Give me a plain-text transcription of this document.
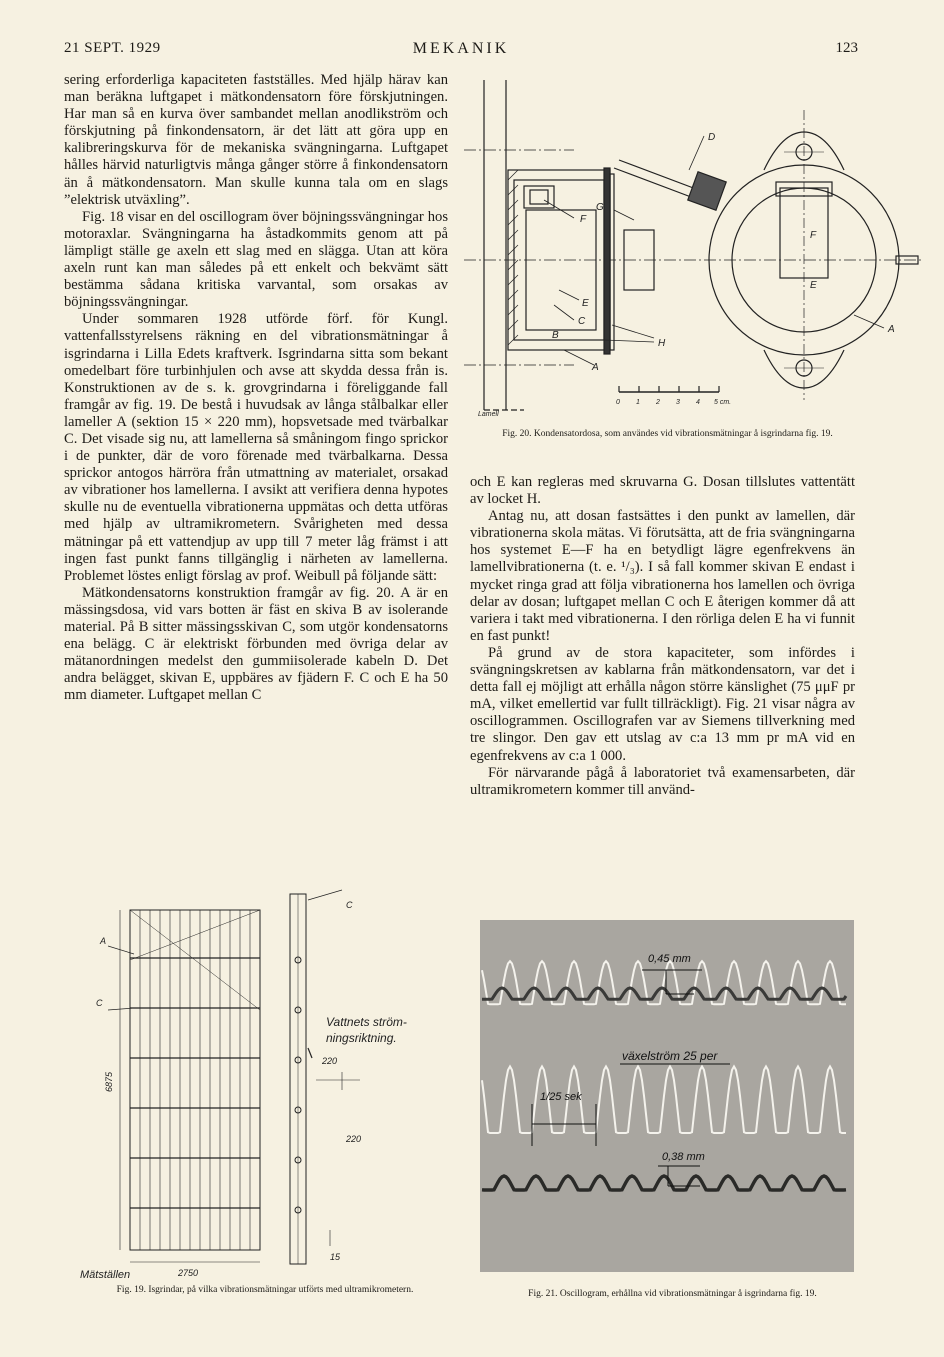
21 SEPT. 1929	MEKANIK	123

sering erforderliga kapaciteten fastställes. Med hjälp härav kan man beräkna luftgapet i mätkondensatorn före förskjutningen. Har man så en kurva över sambandet mellan anodlikström och förskjutning på finkondensatorn, är det lätt att göra upp en kalibreringskurva för de mekaniska svängningarna. Luftgapet hålles härvid naturligtvis många gånger större å finkondensatorn än å mätkondensatorn. Man skulle kunna tala om en slags ”elektrisk utväxling”.

Fig. 18 visar en del oscillogram över böjningssvängningar hos motoraxlar. Svängningarna ha åstadkommits genom att på lämpligt ställe ge axeln ett slag med en slägga. Utan att köra axeln runt kan man således på ett enkelt och bekvämt sätt bestämma sådana kritiska varvantal, som orsakas av böjningssvängningar.

Under sommaren 1928 utförde förf. för Kungl. vattenfallsstyrelsens räkning en del vibrationsmätningar å isgrindarna i Lilla Edets kraftverk. Isgrindarna sitta som bekant omedelbart före turbinhjulen och avse att skydda dessa från is. Konstruktionen av de s. k. grovgrindarna i föreliggande fall framgår av fig. 19. De bestå i huvudsak av långa stålbalkar eller lameller A (sektion 15 × 220 mm), hopsvetsade med tvärbalkar C. Det visade sig nu, att lamellerna så småningom fingo sprickor i de punkter, där de voro förenade med tvärbalkarna. Dessa sprickor antogos härröra från utmattning av materialet, orsakad av vibrationer hos lamellerna. I avsikt att verifiera denna hypotes skulle nu de eventuella vibrationerna uppmätas och detta utföras med hjälp av ultramikrometern. Svårigheten med dessa mätningar på ett vattendjup av upp till 7 meter låg främst i att ingen fast punkt fanns tillgänglig i närheten av lamellerna. Problemet löstes enligt förslag av prof. Weibull på följande sätt:

Mätkondensatorns konstruktion framgår av fig. 20. A är en mässingsdosa, vid vars botten är fäst en skiva B av isolerande material. På B sitter mässingsskivan C, som utgör kondensatorns ena belägg. C är elektriskt förbunden med övriga delar av mätanordningen medelst den gummiisolerade kabeln D. Det andra belägget, skivan E, uppbäres av fjädern F. C och E ha 50 mm diameter. Luftgapet mellan C

D
G
F
E
C
B
H
A
A
F
E
Lamell
0 1 2 3 4 5 cm.
Fig. 20. Kondensatordosa, som användes vid vibrationsmätningar å isgrindarna fig. 19.

och E kan regleras med skruvarna G. Dosan tillslutes vattentätt av locket H.

Antag nu, att dosan fastsättes i den punkt av lamellen, där vibrationerna skola mätas. Vi förutsätta, att de fria svängningarna hos systemet E—F ha en betydligt lägre egenfrekvens än lamellvibrationerna (t. e. ¹/₃). I så fall kommer skivan E endast i mycket ringa grad att följa vibrationerna hos lamellen och övriga delar av dosan; luftgapet mellan C och E återigen kommer då att variera i takt med vibrationerna. I den rörliga delen E ha vi funnit en fast punkt!

På grund av de stora kapaciteter, som infördes i svängningskretsen av kablarna från mätkondensatorn, var det i detta fall ej möjligt att erhålla någon större känslighet (75 μμF pr mA, vilket emellertid var fullt tillräckligt). Fig. 21 visar några av oscillogrammen. Oscillografen var av Siemens tillverkning med tre slingor. Den gav ett utslag av c:a 13 mm pr mA vid en egenfrekvens av c:a 1 000.

För närvarande pågå å laboratoriet två examensarbeten, där ultramikrometern kommer till använd-

A
C
C
6875
2750
220
220
15
Vattnets ström-
ningsriktning.
Mätställen
Fig. 19. Isgrindar, på vilka vibrationsmätningar utförts med ultramikrometern.
0,45 mm
1/25 sek
växelström 25 per
0,38 mm
Fig. 21. Oscillogram, erhållna vid vibrationsmätningar å isgrindarna fig. 19.
